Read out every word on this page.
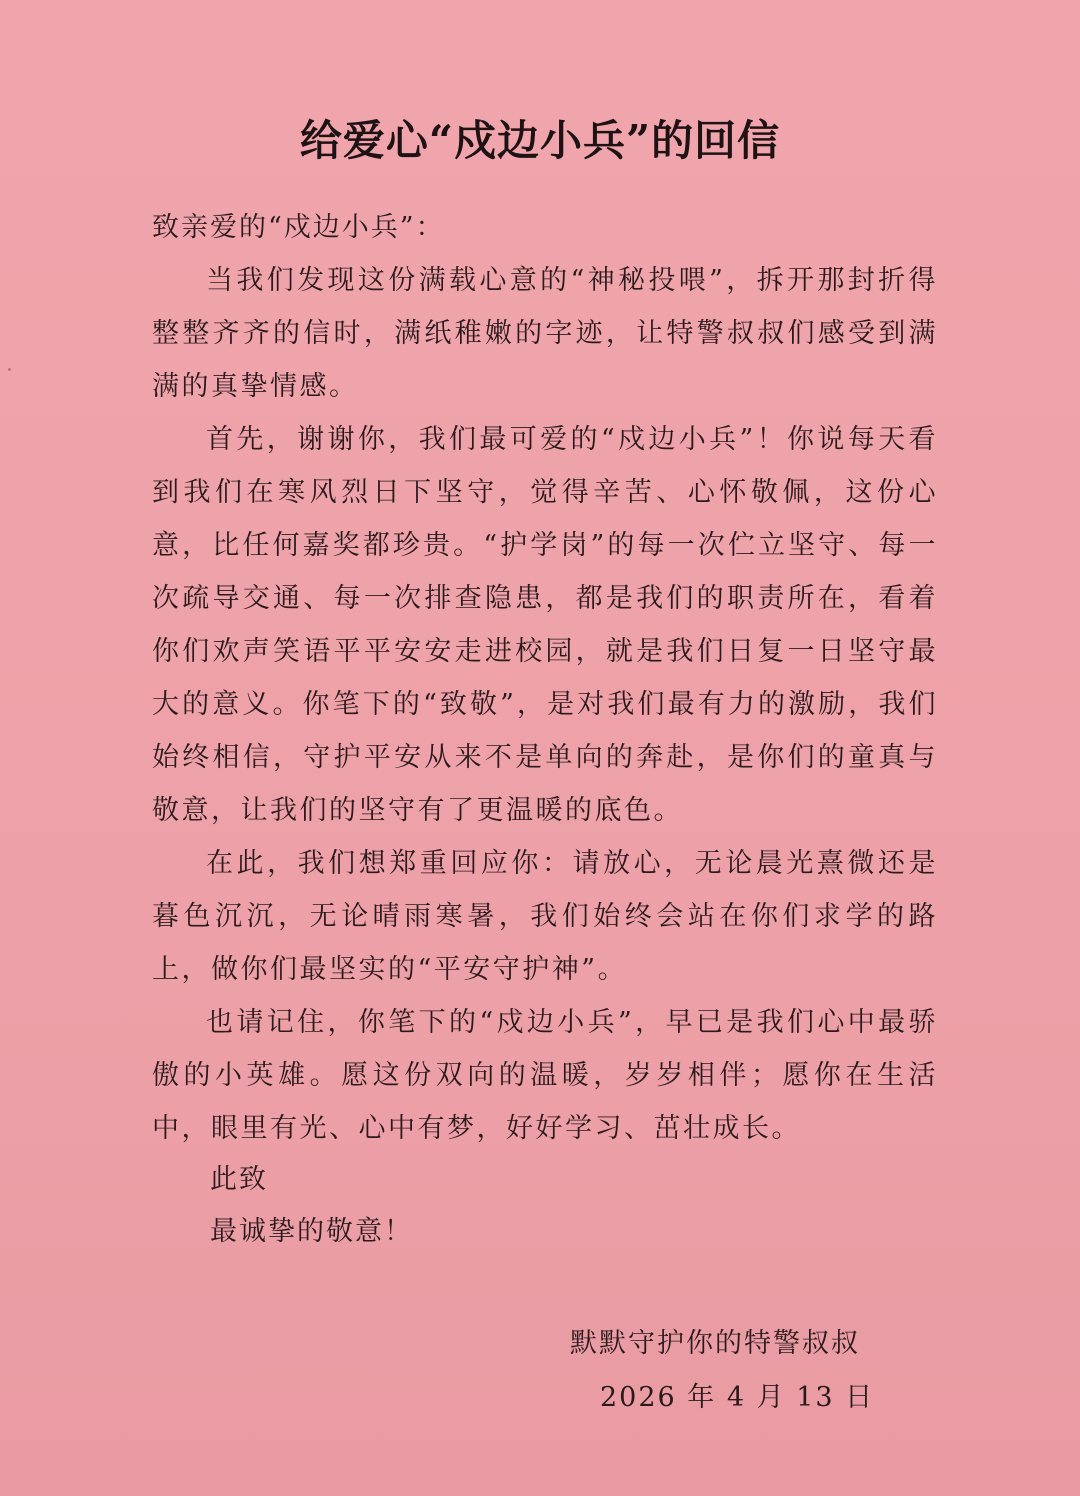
给爱心“戍边小兵”的回信

致亲爱的“戍边小兵”：

当我们发现这份满载心意的“神秘投喂”，拆开那封折得整整齐齐的信时，满纸稚嫩的字迹，让特警叔叔们感受到满满的真挚情感。

首先，谢谢你，我们最可爱的“戍边小兵”！你说每天看到我们在寒风烈日下坚守，觉得辛苦、心怀敬佩，这份心意，比任何嘉奖都珍贵。“护学岗”的每一次伫立坚守、每一次疏导交通、每一次排查隐患，都是我们的职责所在，看着你们欢声笑语平平安安走进校园，就是我们日复一日坚守最大的意义。你笔下的“致敬”，是对我们最有力的激励，我们始终相信，守护平安从来不是单向的奔赴，是你们的童真与敬意，让我们的坚守有了更温暖的底色。

在此，我们想郑重回应你：请放心，无论晨光熹微还是暮色沉沉，无论晴雨寒暑，我们始终会站在你们求学的路上，做你们最坚实的“平安守护神”。

也请记住，你笔下的“戍边小兵”，早已是我们心中最骄傲的小英雄。愿这份双向的温暖，岁岁相伴；愿你在生活中，眼里有光、心中有梦，好好学习、茁壮成长。

此致

最诚挚的敬意！

默默守护你的特警叔叔

2026 年 4 月 13 日
